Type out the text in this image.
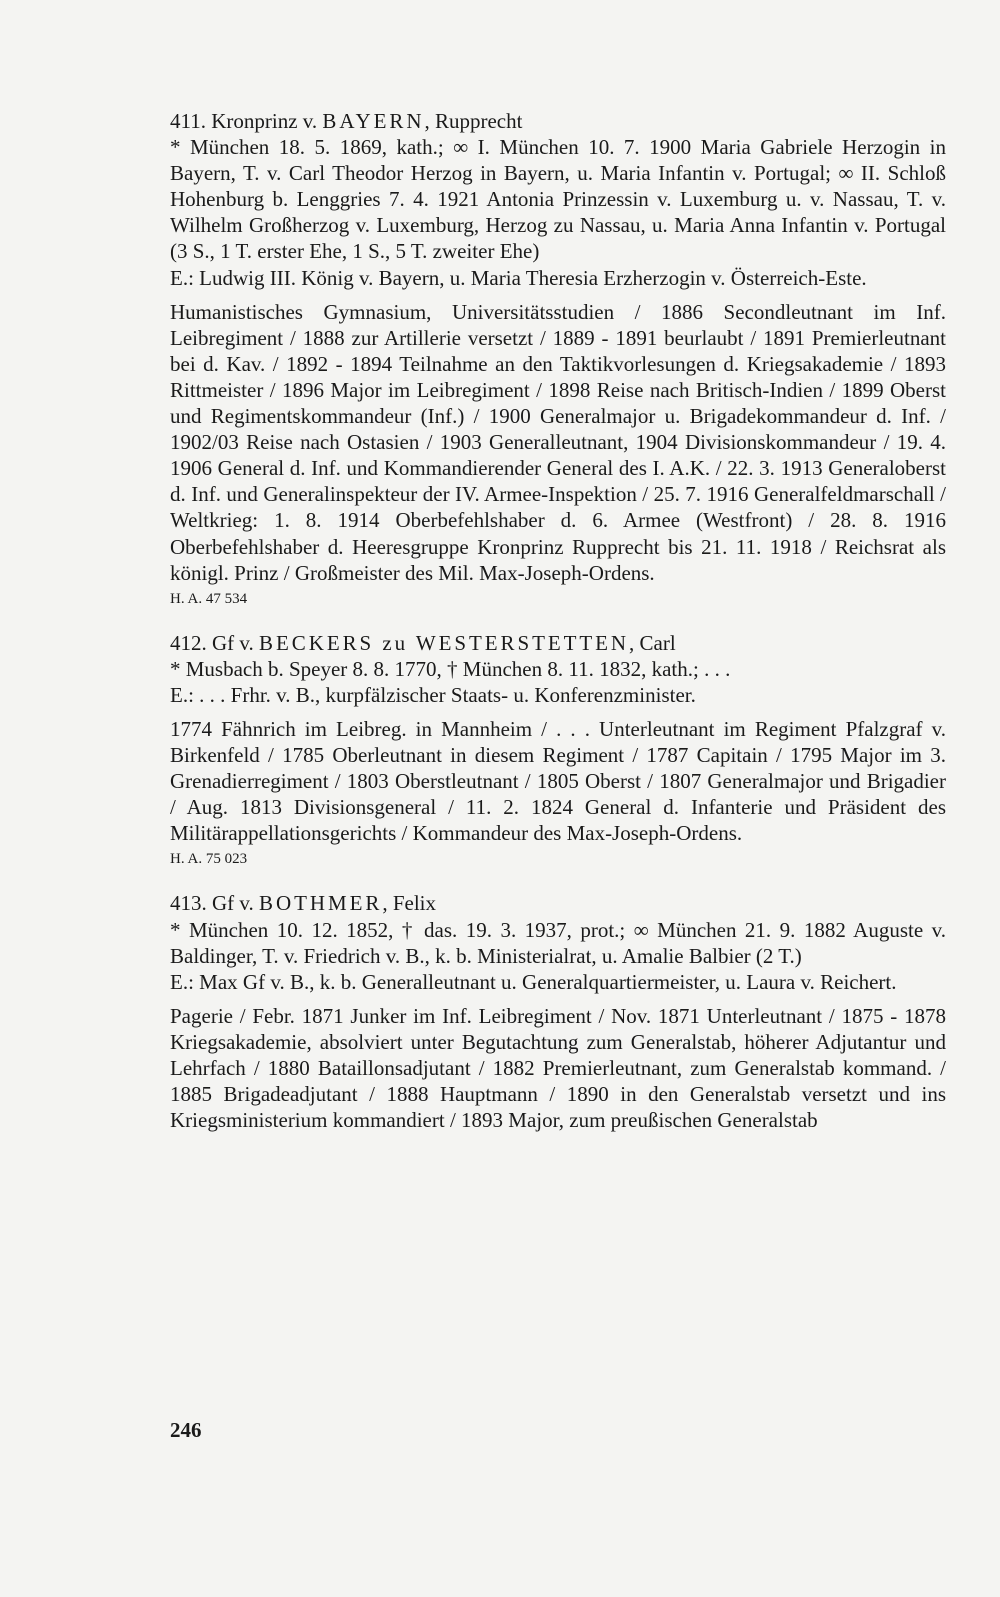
411. Kronprinz v. BAYERN, Rupprecht

* München 18. 5. 1869, kath.; ∞ I. München 10. 7. 1900 Maria Gabriele Herzogin in Bayern, T. v. Carl Theodor Herzog in Bayern, u. Maria Infantin v. Portugal; ∞ II. Schloß Hohenburg b. Lenggries 7. 4. 1921 Antonia Prinzessin v. Luxemburg u. v. Nassau, T. v. Wilhelm Großherzog v. Luxemburg, Herzog zu Nassau, u. Maria Anna Infantin v. Portugal (3 S., 1 T. erster Ehe, 1 S., 5 T. zweiter Ehe)

E.: Ludwig III. König v. Bayern, u. Maria Theresia Erzherzogin v. Österreich-Este.

Humanistisches Gymnasium, Universitätsstudien / 1886 Secondleutnant im Inf. Leibregiment / 1888 zur Artillerie versetzt / 1889 - 1891 beurlaubt / 1891 Premierleutnant bei d. Kav. / 1892 - 1894 Teilnahme an den Taktikvorlesungen d. Kriegsakademie / 1893 Rittmeister / 1896 Major im Leibregiment / 1898 Reise nach Britisch-Indien / 1899 Oberst und Regimentskommandeur (Inf.) / 1900 Generalmajor u. Brigadekommandeur d. Inf. / 1902/03 Reise nach Ostasien / 1903 Generalleutnant, 1904 Divisionskommandeur / 19. 4. 1906 General d. Inf. und Kommandierender General des I. A.K. / 22. 3. 1913 Generaloberst d. Inf. und Generalinspekteur der IV. Armee-Inspektion / 25. 7. 1916 Generalfeldmarschall / Weltkrieg: 1. 8. 1914 Oberbefehlshaber d. 6. Armee (Westfront) / 28. 8. 1916 Oberbefehlshaber d. Heeresgruppe Kronprinz Rupprecht bis 21. 11. 1918 / Reichsrat als königl. Prinz / Großmeister des Mil. Max-Joseph-Ordens.

H. A. 47 534

412. Gf v. BECKERS zu WESTERSTETTEN, Carl

* Musbach b. Speyer 8. 8. 1770, † München 8. 11. 1832, kath.; . . .

E.: . . . Frhr. v. B., kurpfälzischer Staats- u. Konferenzminister.

1774 Fähnrich im Leibreg. in Mannheim / . . . Unterleutnant im Regiment Pfalzgraf v. Birkenfeld / 1785 Oberleutnant in diesem Regiment / 1787 Capitain / 1795 Major im 3. Grenadierregiment / 1803 Oberstleutnant / 1805 Oberst / 1807 Generalmajor und Brigadier / Aug. 1813 Divisionsgeneral / 11. 2. 1824 General d. Infanterie und Präsident des Militärappellationsgerichts / Kommandeur des Max-Joseph-Ordens.

H. A. 75 023

413. Gf v. BOTHMER, Felix

* München 10. 12. 1852, † das. 19. 3. 1937, prot.; ∞ München 21. 9. 1882 Auguste v. Baldinger, T. v. Friedrich v. B., k. b. Ministerialrat, u. Amalie Balbier (2 T.)

E.: Max Gf v. B., k. b. Generalleutnant u. Generalquartiermeister, u. Laura v. Reichert.

Pagerie / Febr. 1871 Junker im Inf. Leibregiment / Nov. 1871 Unterleutnant / 1875 - 1878 Kriegsakademie, absolviert unter Begutachtung zum Generalstab, höherer Adjutantur und Lehrfach / 1880 Bataillonsadjutant / 1882 Premierleutnant, zum Generalstab kommand. / 1885 Brigadeadjutant / 1888 Hauptmann / 1890 in den Generalstab versetzt und ins Kriegsministerium kommandiert / 1893 Major, zum preußischen Generalstab

246
